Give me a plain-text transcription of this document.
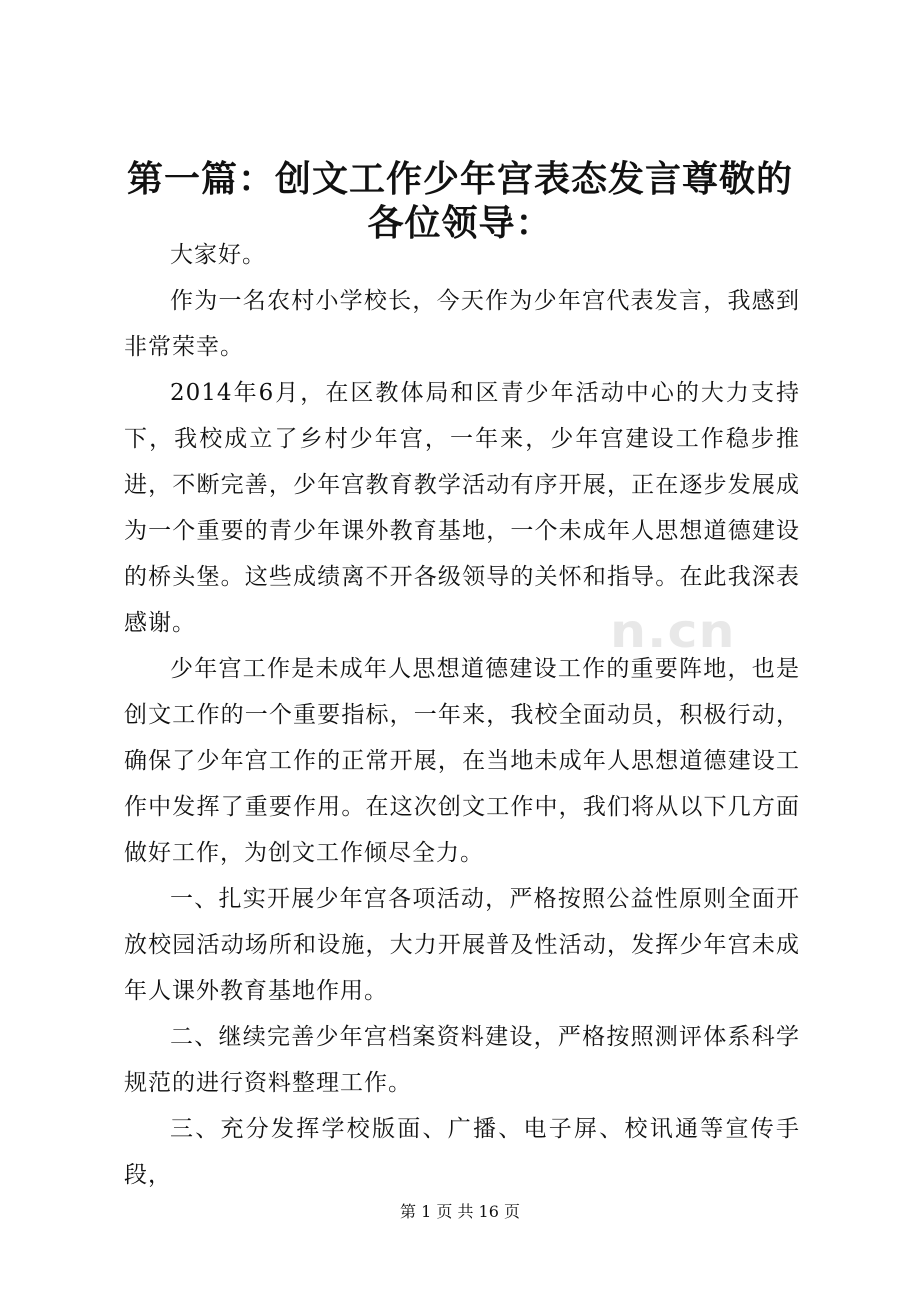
第一篇：创文工作少年宫表态发言尊敬的各位领导：

大家好。

作为一名农村小学校长，今天作为少年宫代表发言，我感到非常荣幸。

2014年6月，在区教体局和区青少年活动中心的大力支持下，我校成立了乡村少年宫，一年来，少年宫建设工作稳步推进，不断完善，少年宫教育教学活动有序开展，正在逐步发展成为一个重要的青少年课外教育基地，一个未成年人思想道德建设的桥头堡。这些成绩离不开各级领导的关怀和指导。在此我深表感谢。

少年宫工作是未成年人思想道德建设工作的重要阵地，也是创文工作的一个重要指标，一年来，我校全面动员，积极行动，确保了少年宫工作的正常开展，在当地未成年人思想道德建设工作中发挥了重要作用。在这次创文工作中，我们将从以下几方面做好工作，为创文工作倾尽全力。

一、扎实开展少年宫各项活动，严格按照公益性原则全面开放校园活动场所和设施，大力开展普及性活动，发挥少年宫未成年人课外教育基地作用。

二、继续完善少年宫档案资料建设，严格按照测评体系科学规范的进行资料整理工作。

三、充分发挥学校版面、广播、电子屏、校讯通等宣传手段，

n.cn
第 1 页 共 16 页
